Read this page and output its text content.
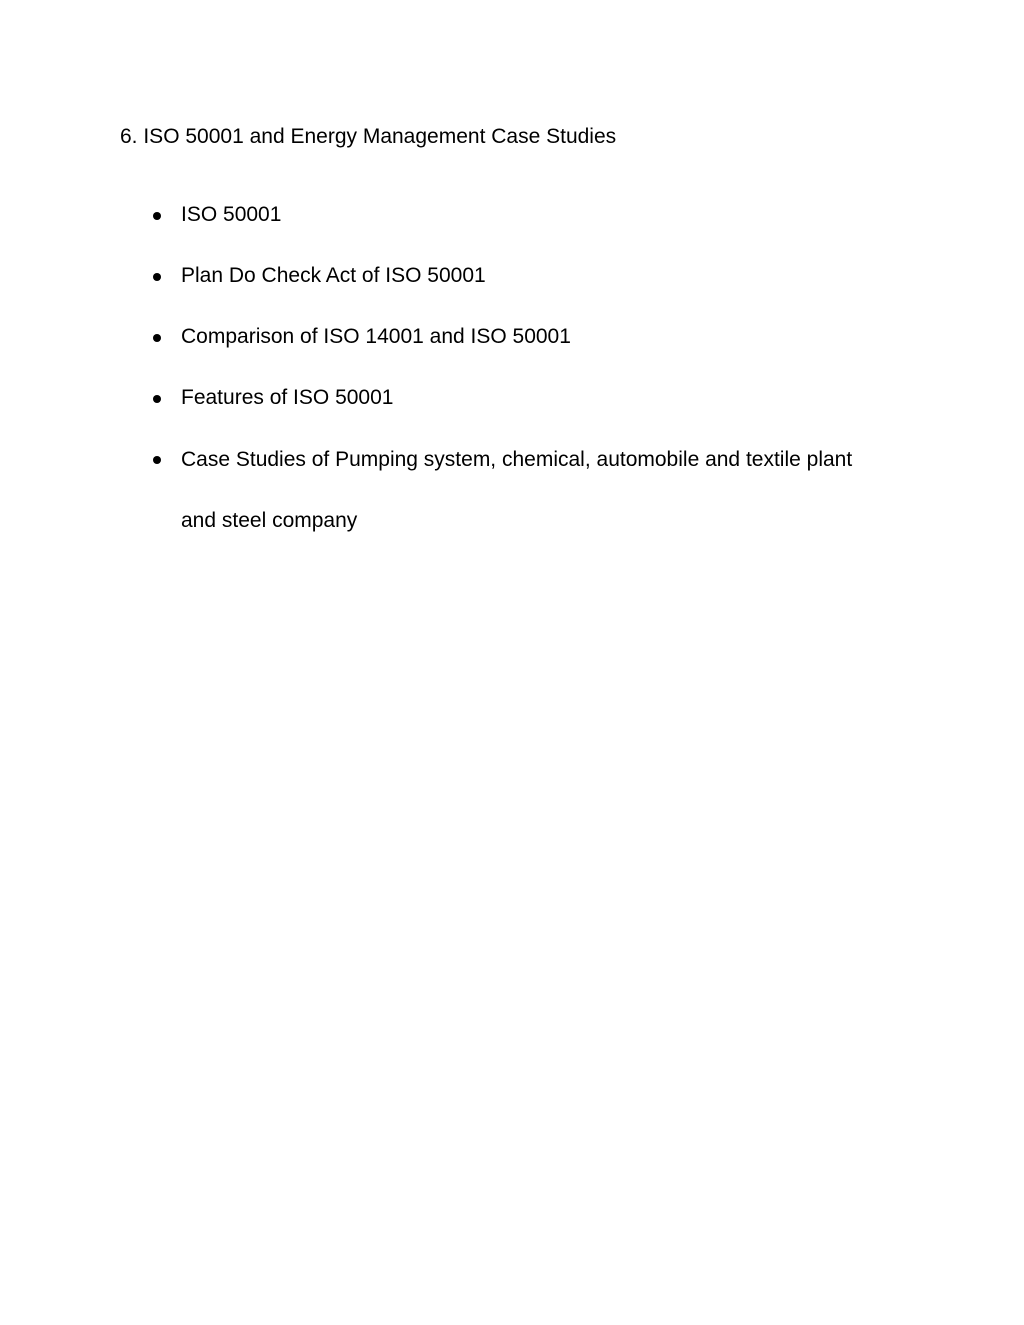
6. ISO 50001 and Energy Management Case Studies
ISO 50001
Plan Do Check Act of ISO 50001
Comparison of ISO 14001 and ISO 50001
Features of ISO 50001
Case Studies of Pumping system, chemical, automobile and textile plant and steel company
